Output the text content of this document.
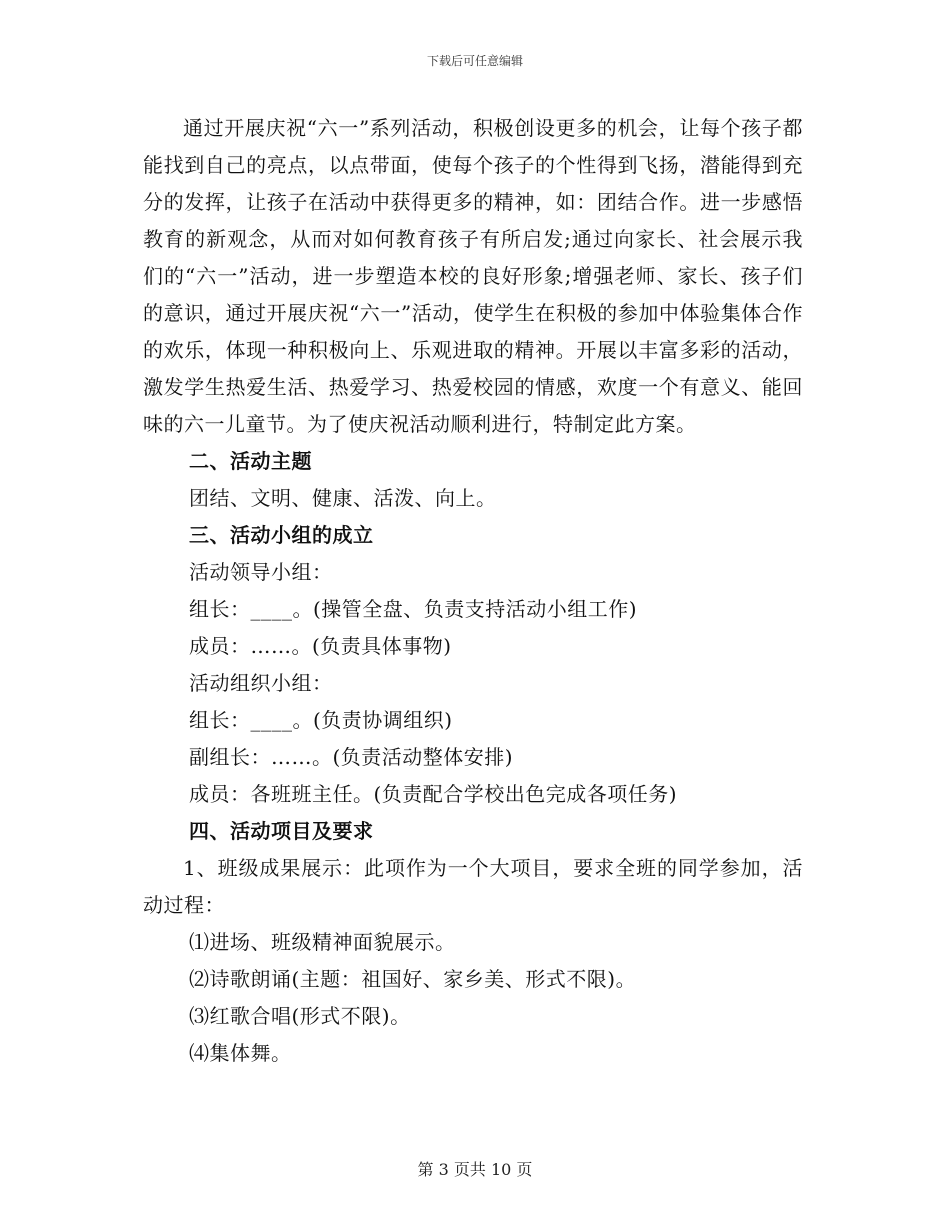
下载后可任意编辑

通过开展庆祝“六一”系列活动，积极创设更多的机会，让每个孩子都能找到自己的亮点，以点带面，使每个孩子的个性得到飞扬，潜能得到充分的发挥，让孩子在活动中获得更多的精神，如：团结合作。进一步感悟教育的新观念，从而对如何教育孩子有所启发;通过向家长、社会展示我们的“六一”活动，进一步塑造本校的良好形象;增强老师、家长、孩子们的意识，通过开展庆祝“六一”活动，使学生在积极的参加中体验集体合作的欢乐，体现一种积极向上、乐观进取的精神。开展以丰富多彩的活动，激发学生热爱生活、热爱学习、热爱校园的情感，欢度一个有意义、能回味的六一儿童节。为了使庆祝活动顺利进行，特制定此方案。

二、活动主题

团结、文明、健康、活泼、向上。

三、活动小组的成立

活动领导小组：

组长：____。(操管全盘、负责支持活动小组工作)

成员：……。(负责具体事物)

活动组织小组：

组长：____。(负责协调组织)

副组长：……。(负责活动整体安排)

成员：各班班主任。(负责配合学校出色完成各项任务)

四、活动项目及要求

1、班级成果展示：此项作为一个大项目，要求全班的同学参加，活动过程：

⑴进场、班级精神面貌展示。

⑵诗歌朗诵(主题：祖国好、家乡美、形式不限)。

⑶红歌合唱(形式不限)。

⑷集体舞。

第 3 页共 10 页
